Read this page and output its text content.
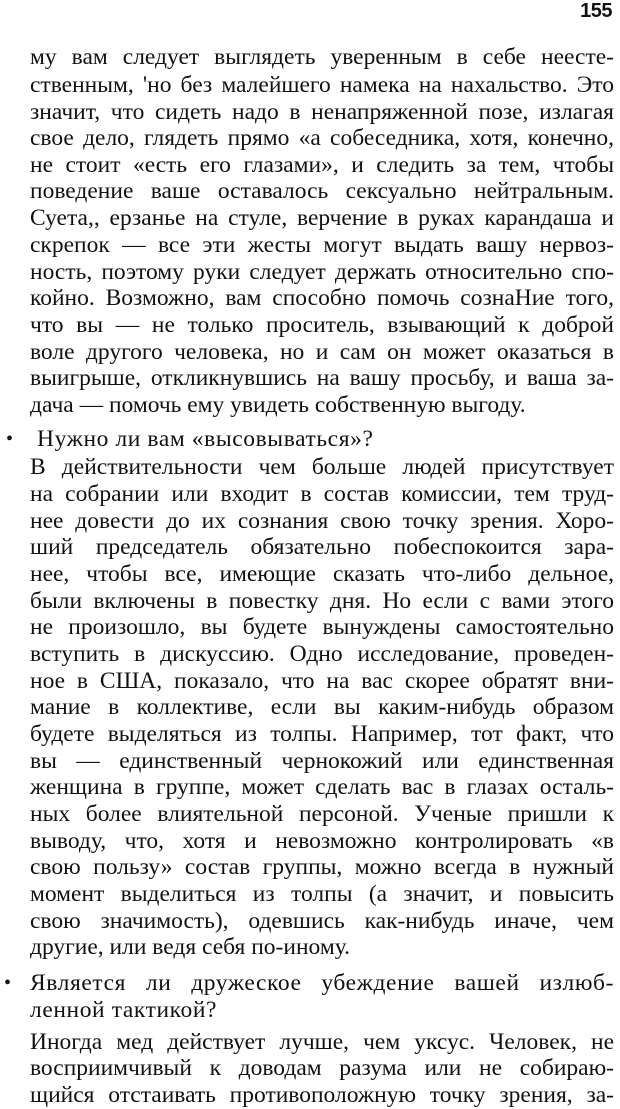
155
му вам следует выглядеть уверенным в себе неесте-
ственным, 'но без малейшего намека на нахальство. Это
значит, что сидеть надо в ненапряженной позе, излагая
свое дело, глядеть прямо «а собеседника, хотя, конечно,
не стоит «есть его глазами», и следить за тем, чтобы
поведение ваше оставалось сексуально нейтральным.
Суета,, ерзанье на стуле, верчение в руках карандаша и
скрепок — все эти жесты могут выдать вашу нервоз-
ность, поэтому руки следует держать относительно спо-
койно. Возможно, вам способно помочь сознаНие того,
что вы — не только проситель, взывающий к доброй
воле другого человека, но и сам он может оказаться в
выигрыше, откликнувшись на вашу просьбу, и ваша за-
дача — помочь ему увидеть собственную выгоду.
• Нужно ли вам «высовываться»?
В действительности чем больше людей присутствует
на собрании или входит в состав комиссии, тем труд-
нее довести до их сознания свою точку зрения. Хоро-
ший председатель обязательно побеспокоится зара-
нее, чтобы все, имеющие сказать что-либо дельное,
были включены в повестку дня. Но если с вами этого
не произошло, вы будете вынуждены самостоятельно
вступить в дискуссию. Одно исследование, проведен-
ное в США, показало, что на вас скорее обратят вни-
мание в коллективе, если вы каким-нибудь образом
будете выделяться из толпы. Например, тот факт, что
вы — единственный чернокожий или единственная
женщина в группе, может сделать вас в глазах осталь-
ных более влиятельной персоной. Ученые пришли к
выводу, что, хотя и невозможно контролировать «в
свою пользу» состав группы, можно всегда в нужный
момент выделиться из толпы (а значит, и повысить
свою значимость), одевшись как-нибудь иначе, чем
другие, или ведя себя по-иному.
• Является ли дружеское убеждение вашей излюб-
ленной тактикой?
Иногда мед действует лучше, чем уксус. Человек, не
восприимчивый к доводам разума или не собираю-
щийся отстаивать противоположную точку зрения, за-
